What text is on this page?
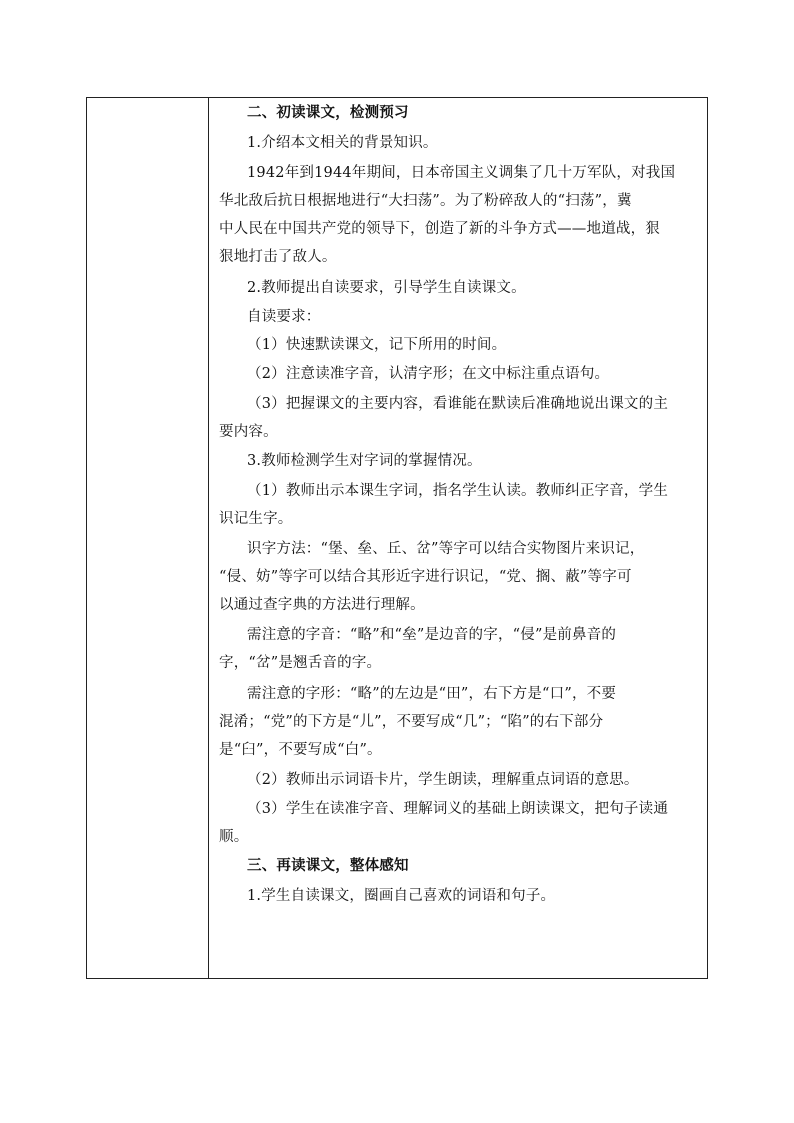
二、初读课文，检测预习
1.介绍本文相关的背景知识。
1942年到1944年期间，日本帝国主义调集了几十万军队，对我国
华北敌后抗日根据地进行“大扫荡”。为了粉碎敌人的“扫荡”，冀
中人民在中国共产党的领导下，创造了新的斗争方式——地道战，狠
狠地打击了敌人。
2.教师提出自读要求，引导学生自读课文。
自读要求：
（1）快速默读课文，记下所用的时间。
（2）注意读准字音，认清字形；在文中标注重点语句。
（3）把握课文的主要内容，看谁能在默读后准确地说出课文的主
要内容。
3.教师检测学生对字词的掌握情况。
（1）教师出示本课生字词，指名学生认读。教师纠正字音，学生
识记生字。
识字方法：“堡、垒、丘、岔”等字可以结合实物图片来识记，
“侵、妨”等字可以结合其形近字进行识记，“党、搁、蔽”等字可
以通过查字典的方法进行理解。
需注意的字音：“略”和“垒”是边音的字，“侵”是前鼻音的
字，“岔”是翘舌音的字。
需注意的字形：“略”的左边是“田”，右下方是“口”，不要
混淆；“党”的下方是“儿”，不要写成“几”；“陷”的右下部分
是“臼”，不要写成“白”。
（2）教师出示词语卡片，学生朗读，理解重点词语的意思。
（3）学生在读准字音、理解词义的基础上朗读课文，把句子读通
顺。
三、再读课文，整体感知
1.学生自读课文，圈画自己喜欢的词语和句子。
